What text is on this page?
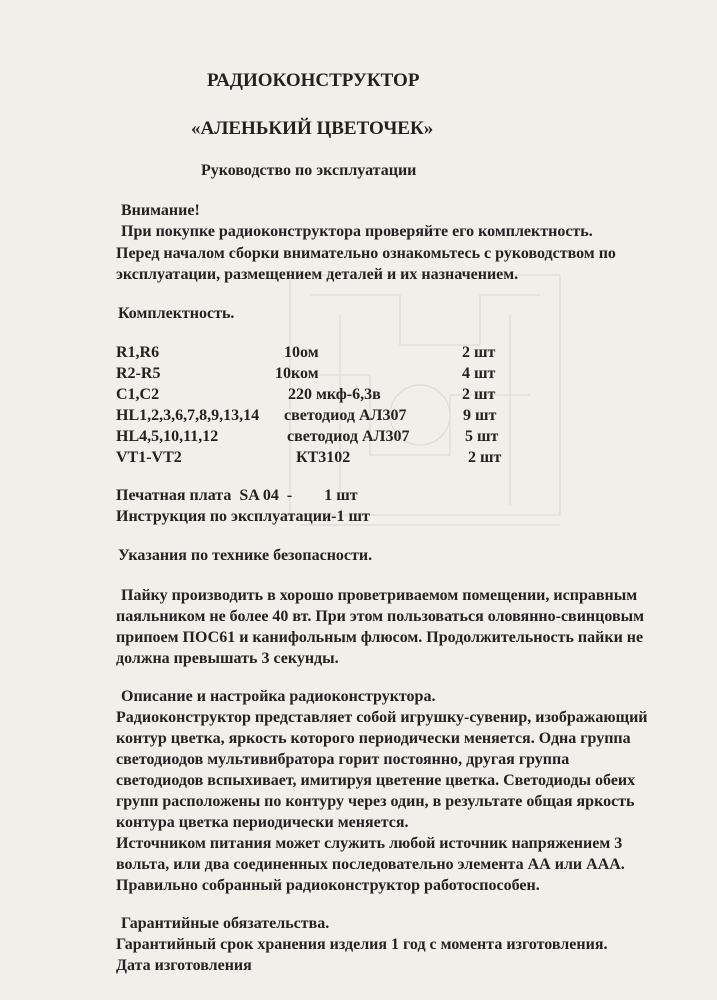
РАДИОКОНСТРУКТОР
«АЛЕНЬКИЙ ЦВЕТОЧЕК»
Руководство по эксплуатации
Внимание!
При покупке радиоконструктора проверяйте его комплектность.
Перед началом сборки внимательно ознакомьтесь с руководством по
эксплуатации, размещением деталей и их назначением.
Комплектность.
R1,R6	10ом	2 шт
R2-R5	10ком	4 шт
C1,C2	220 мкф-6,3в	2 шт
HL1,2,3,6,7,8,9,13,14 светодиод АЛ307	9 шт
HL4,5,10,11,12	светодиод АЛ307	5 шт
VT1-VT2	КТ3102	2 шт
Печатная плата  SA 04  -        1 шт
Инструкция по эксплуатации-1 шт
Указания по технике безопасности.
Пайку производить в хорошо проветриваемом помещении, исправным
паяльником не более 40 вт. При этом пользоваться оловянно-свинцовым
припоем ПОС61 и канифольным флюсом. Продолжительность пайки не
должна превышать 3 секунды.
Описание и настройка радиоконструктора.
Радиоконструктор представляет собой игрушку-сувенир, изображающий
контур цветка, яркость которого периодически меняется. Одна группа
светодиодов мультивибратора горит постоянно, другая группа
светодиодов вспыхивает, имитируя цветение цветка. Светодиоды обеих
групп расположены по контуру через один, в результате общая яркость
контура цветка периодически меняется.
Источником питания может служить любой источник напряжением 3
вольта, или два соединенных последовательно элемента АА или ААА.
Правильно собранный радиоконструктор работоспособен.
Гарантийные обязательства.
Гарантийный срок хранения изделия 1 год с момента изготовления.
Дата изготовления
